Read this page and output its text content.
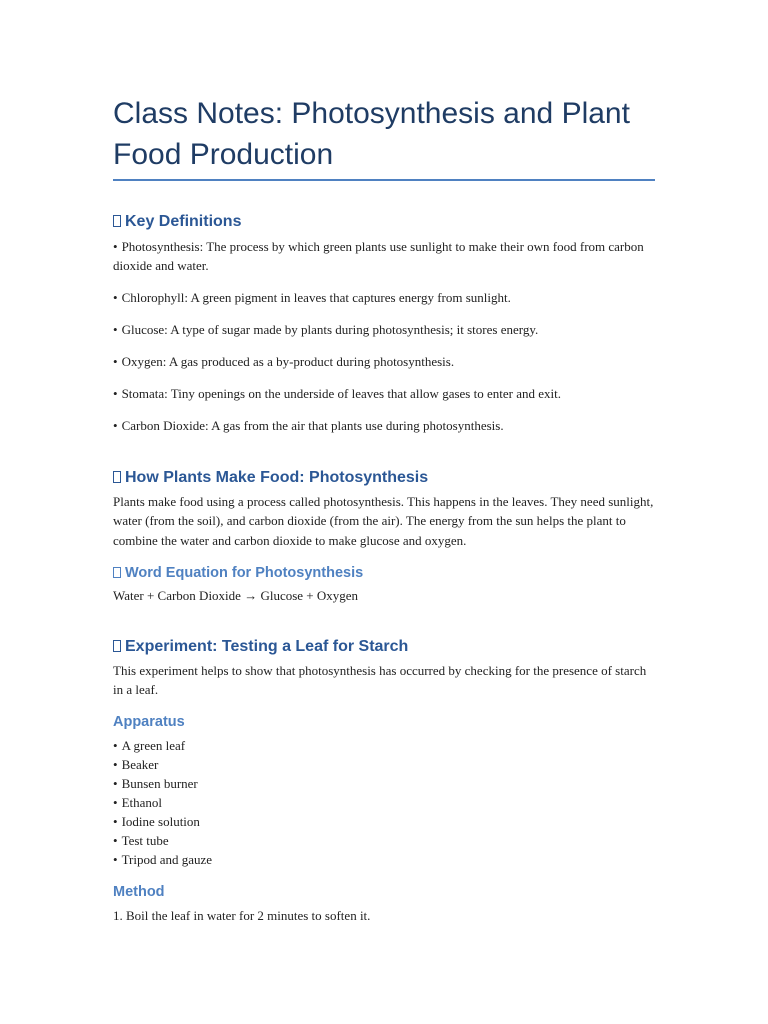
Class Notes: Photosynthesis and Plant Food Production
Key Definitions

• Photosynthesis: The process by which green plants use sunlight to make their own food from carbon dioxide and water.

• Chlorophyll: A green pigment in leaves that captures energy from sunlight.

• Glucose: A type of sugar made by plants during photosynthesis; it stores energy.

• Oxygen: A gas produced as a by-product during photosynthesis.

• Stomata: Tiny openings on the underside of leaves that allow gases to enter and exit.

• Carbon Dioxide: A gas from the air that plants use during photosynthesis.

How Plants Make Food: Photosynthesis

Plants make food using a process called photosynthesis. This happens in the leaves. They need sunlight, water (from the soil), and carbon dioxide (from the air). The energy from the sun helps the plant to combine the water and carbon dioxide to make glucose and oxygen.

Word Equation for Photosynthesis

Water + Carbon Dioxide → Glucose + Oxygen

Experiment: Testing a Leaf for Starch

This experiment helps to show that photosynthesis has occurred by checking for the presence of starch in a leaf.

Apparatus

• A green leaf

• Beaker

• Bunsen burner

• Ethanol

• Iodine solution

• Test tube

• Tripod and gauze

Method

1. Boil the leaf in water for 2 minutes to soften it.
